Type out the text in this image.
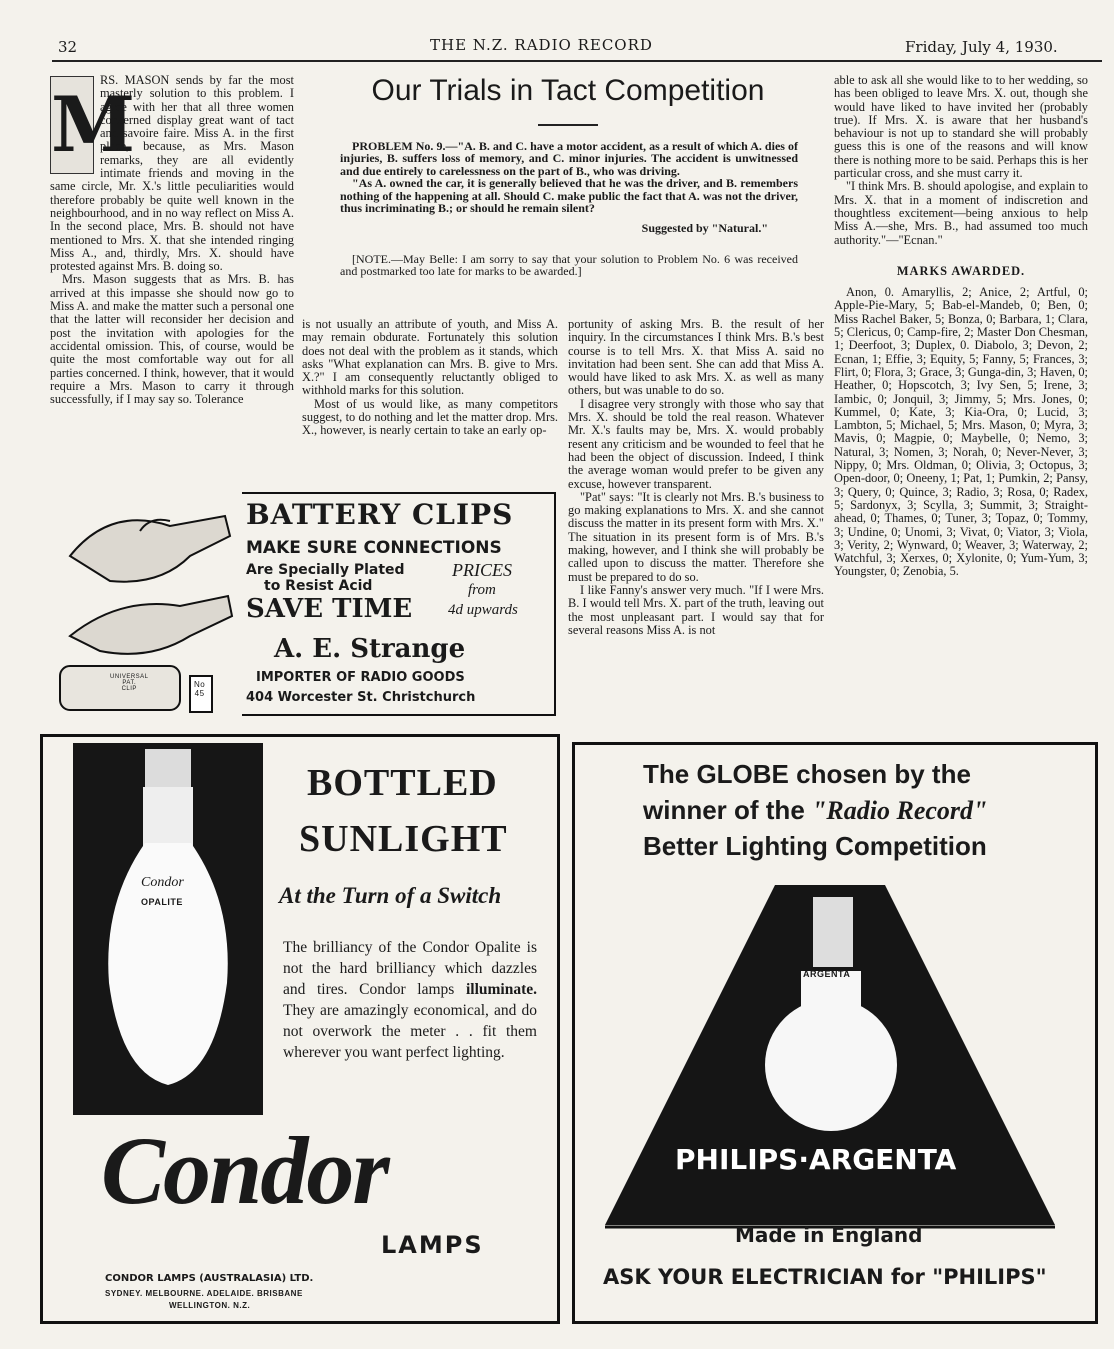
32	THE N.Z. RADIO RECORD	Friday, July 4, 1930.
M

RS. MASON sends by far the most masterly solution to this problem. I agree with her that all three women concerned display great want of tact and savoire faire. Miss A. in the first place, because, as Mrs. Mason remarks, they are all evidently intimate friends and moving in the same circle, Mr. X.'s little peculiarities would therefore probably be quite well known in the neighbourhood, and in no way reflect on Miss A. In the second place, Mrs. B. should not have mentioned to Mrs. X. that she intended ringing Miss A., and, thirdly, Mrs. X. should have protested against Mrs. B. doing so.

Mrs. Mason suggests that as Mrs. B. has arrived at this impasse she should now go to Miss A. and make the matter such a personal one that the latter will reconsider her decision and post the invitation with apologies for the accidental omission. This, of course, would be quite the most comfortable way out for all parties concerned. I think, however, that it would require a Mrs. Mason to carry it through successfully, if I may say so. Tolerance

Our Trials in Tact Competition

PROBLEM No. 9.—"A. B. and C. have a motor accident, as a result of which A. dies of injuries, B. suffers loss of memory, and C. minor injuries. The accident is unwitnessed and due entirely to carelessness on the part of B., who was driving.

"As A. owned the car, it is generally believed that he was the driver, and B. remembers nothing of the happening at all. Should C. make public the fact that A. was not the driver, thus incriminating B.; or should he remain silent?

Suggested by "Natural."

[NOTE.—May Belle: I am sorry to say that your solution to Problem No. 6 was received and postmarked too late for marks to be awarded.]

is not usually an attribute of youth, and Miss A. may remain obdurate. Fortunately this solution does not deal with the problem as it stands, which asks "What explanation can Mrs. B. give to Mrs. X.?" I am consequently reluctantly obliged to withhold marks for this solution.

Most of us would like, as many competitors suggest, to do nothing and let the matter drop. Mrs. X., however, is nearly certain to take an early op-

portunity of asking Mrs. B. the result of her inquiry. In the circumstances I think Mrs. B.'s best course is to tell Mrs. X. that Miss A. said no invitation had been sent. She can add that Miss A. would have liked to ask Mrs. X. as well as many others, but was unable to do so.

I disagree very strongly with those who say that Mrs. X. should be told the real reason. Whatever Mr. X.'s faults may be, Mrs. X. would probably resent any criticism and be wounded to feel that he had been the object of discussion. Indeed, I think the average woman would prefer to be given any excuse, however transparent.

"Pat" says: "It is clearly not Mrs. B.'s business to go making explanations to Mrs. X. and she cannot discuss the matter in its present form with Mrs. X." The situation in its present form is of Mrs. B.'s making, however, and I think she will probably be called upon to discuss the matter. Therefore she must be prepared to do so.

I like Fanny's answer very much. "If I were Mrs. B. I would tell Mrs. X. part of the truth, leaving out the most unpleasant part. I would say that for several reasons Miss A. is not

able to ask all she would like to to her wedding, so has been obliged to leave Mrs. X. out, though she would have liked to have invited her (probably true). If Mrs. X. is aware that her husband's behaviour is not up to standard she will probably guess this is one of the reasons and will know there is nothing more to be said. Perhaps this is her particular cross, and she must carry it.

"I think Mrs. B. should apologise, and explain to Mrs. X. that in a moment of indiscretion and thoughtless excitement—being anxious to help Miss A.—she, Mrs. B., had assumed too much authority."—"Ecnan."

MARKS AWARDED.

Anon, 0. Amaryllis, 2; Anice, 2; Artful, 0; Apple-Pie-Mary, 5; Bab-el-Mandeb, 0; Ben, 0; Miss Rachel Baker, 5; Bonza, 0; Barbara, 1; Clara, 5; Clericus, 0; Camp-fire, 2; Master Don Chesman, 1; Deerfoot, 3; Duplex, 0. Diabolo, 3; Devon, 2; Ecnan, 1; Effie, 3; Equity, 5; Fanny, 5; Frances, 3; Flirt, 0; Flora, 3; Grace, 3; Gunga-din, 3; Haven, 0; Heather, 0; Hopscotch, 3; Ivy Sen, 5; Irene, 3; Iambic, 0; Jonquil, 3; Jimmy, 5; Mrs. Jones, 0; Kummel, 0; Kate, 3; Kia-Ora, 0; Lucid, 3; Lambton, 5; Michael, 5; Mrs. Mason, 0; Myra, 3; Mavis, 0; Magpie, 0; Maybelle, 0; Nemo, 3; Natural, 3; Nomen, 3; Norah, 0; Never-Never, 3; Nippy, 0; Mrs. Oldman, 0; Olivia, 3; Octopus, 3; Open-door, 0; Oneeny, 1; Pat, 1; Pumkin, 2; Pansy, 3; Query, 0; Quince, 3; Radio, 3; Rosa, 0; Radex, 5; Sardonyx, 3; Scylla, 3; Summit, 3; Straight-ahead, 0; Thames, 0; Tuner, 3; Topaz, 0; Tommy, 3; Undine, 0; Unomi, 3; Vivat, 0; Viator, 3; Viola, 3; Verity, 2; Wynward, 0; Weaver, 3; Waterway, 2; Watchful, 3; Xerxes, 0; Xylonite, 0; Yum-Yum, 3; Youngster, 0; Zenobia, 5.

UNIVERSAL
PAT.
CLIP	No
45
BATTERY CLIPS
MAKE SURE CONNECTIONS
Are Specially Plated
to Resist Acid
PRICES
from
SAVE TIME 4d upwards
A. E. Strange
IMPORTER OF RADIO GOODS
404 Worcester St. Christchurch
Condor
OPALITE
BOTTLED
SUNLIGHT
At the Turn of a Switch
The brilliancy of the Condor Opalite is not the hard brilliancy which dazzles and tires. Condor lamps illuminate. They are amazingly economical, and do not overwork the meter . . fit them wherever you want perfect lighting.
Condor
LAMPS
CONDOR LAMPS (AUSTRALASIA) LTD.
SYDNEY. MELBOURNE. ADELAIDE. BRISBANE
WELLINGTON. N.Z.
The GLOBE chosen by the
winner of the "Radio Record"
Better Lighting Competition
ARGENTA
PHILIPS·ARGENTA
Made in England
ASK YOUR ELECTRICIAN for "PHILIPS"
